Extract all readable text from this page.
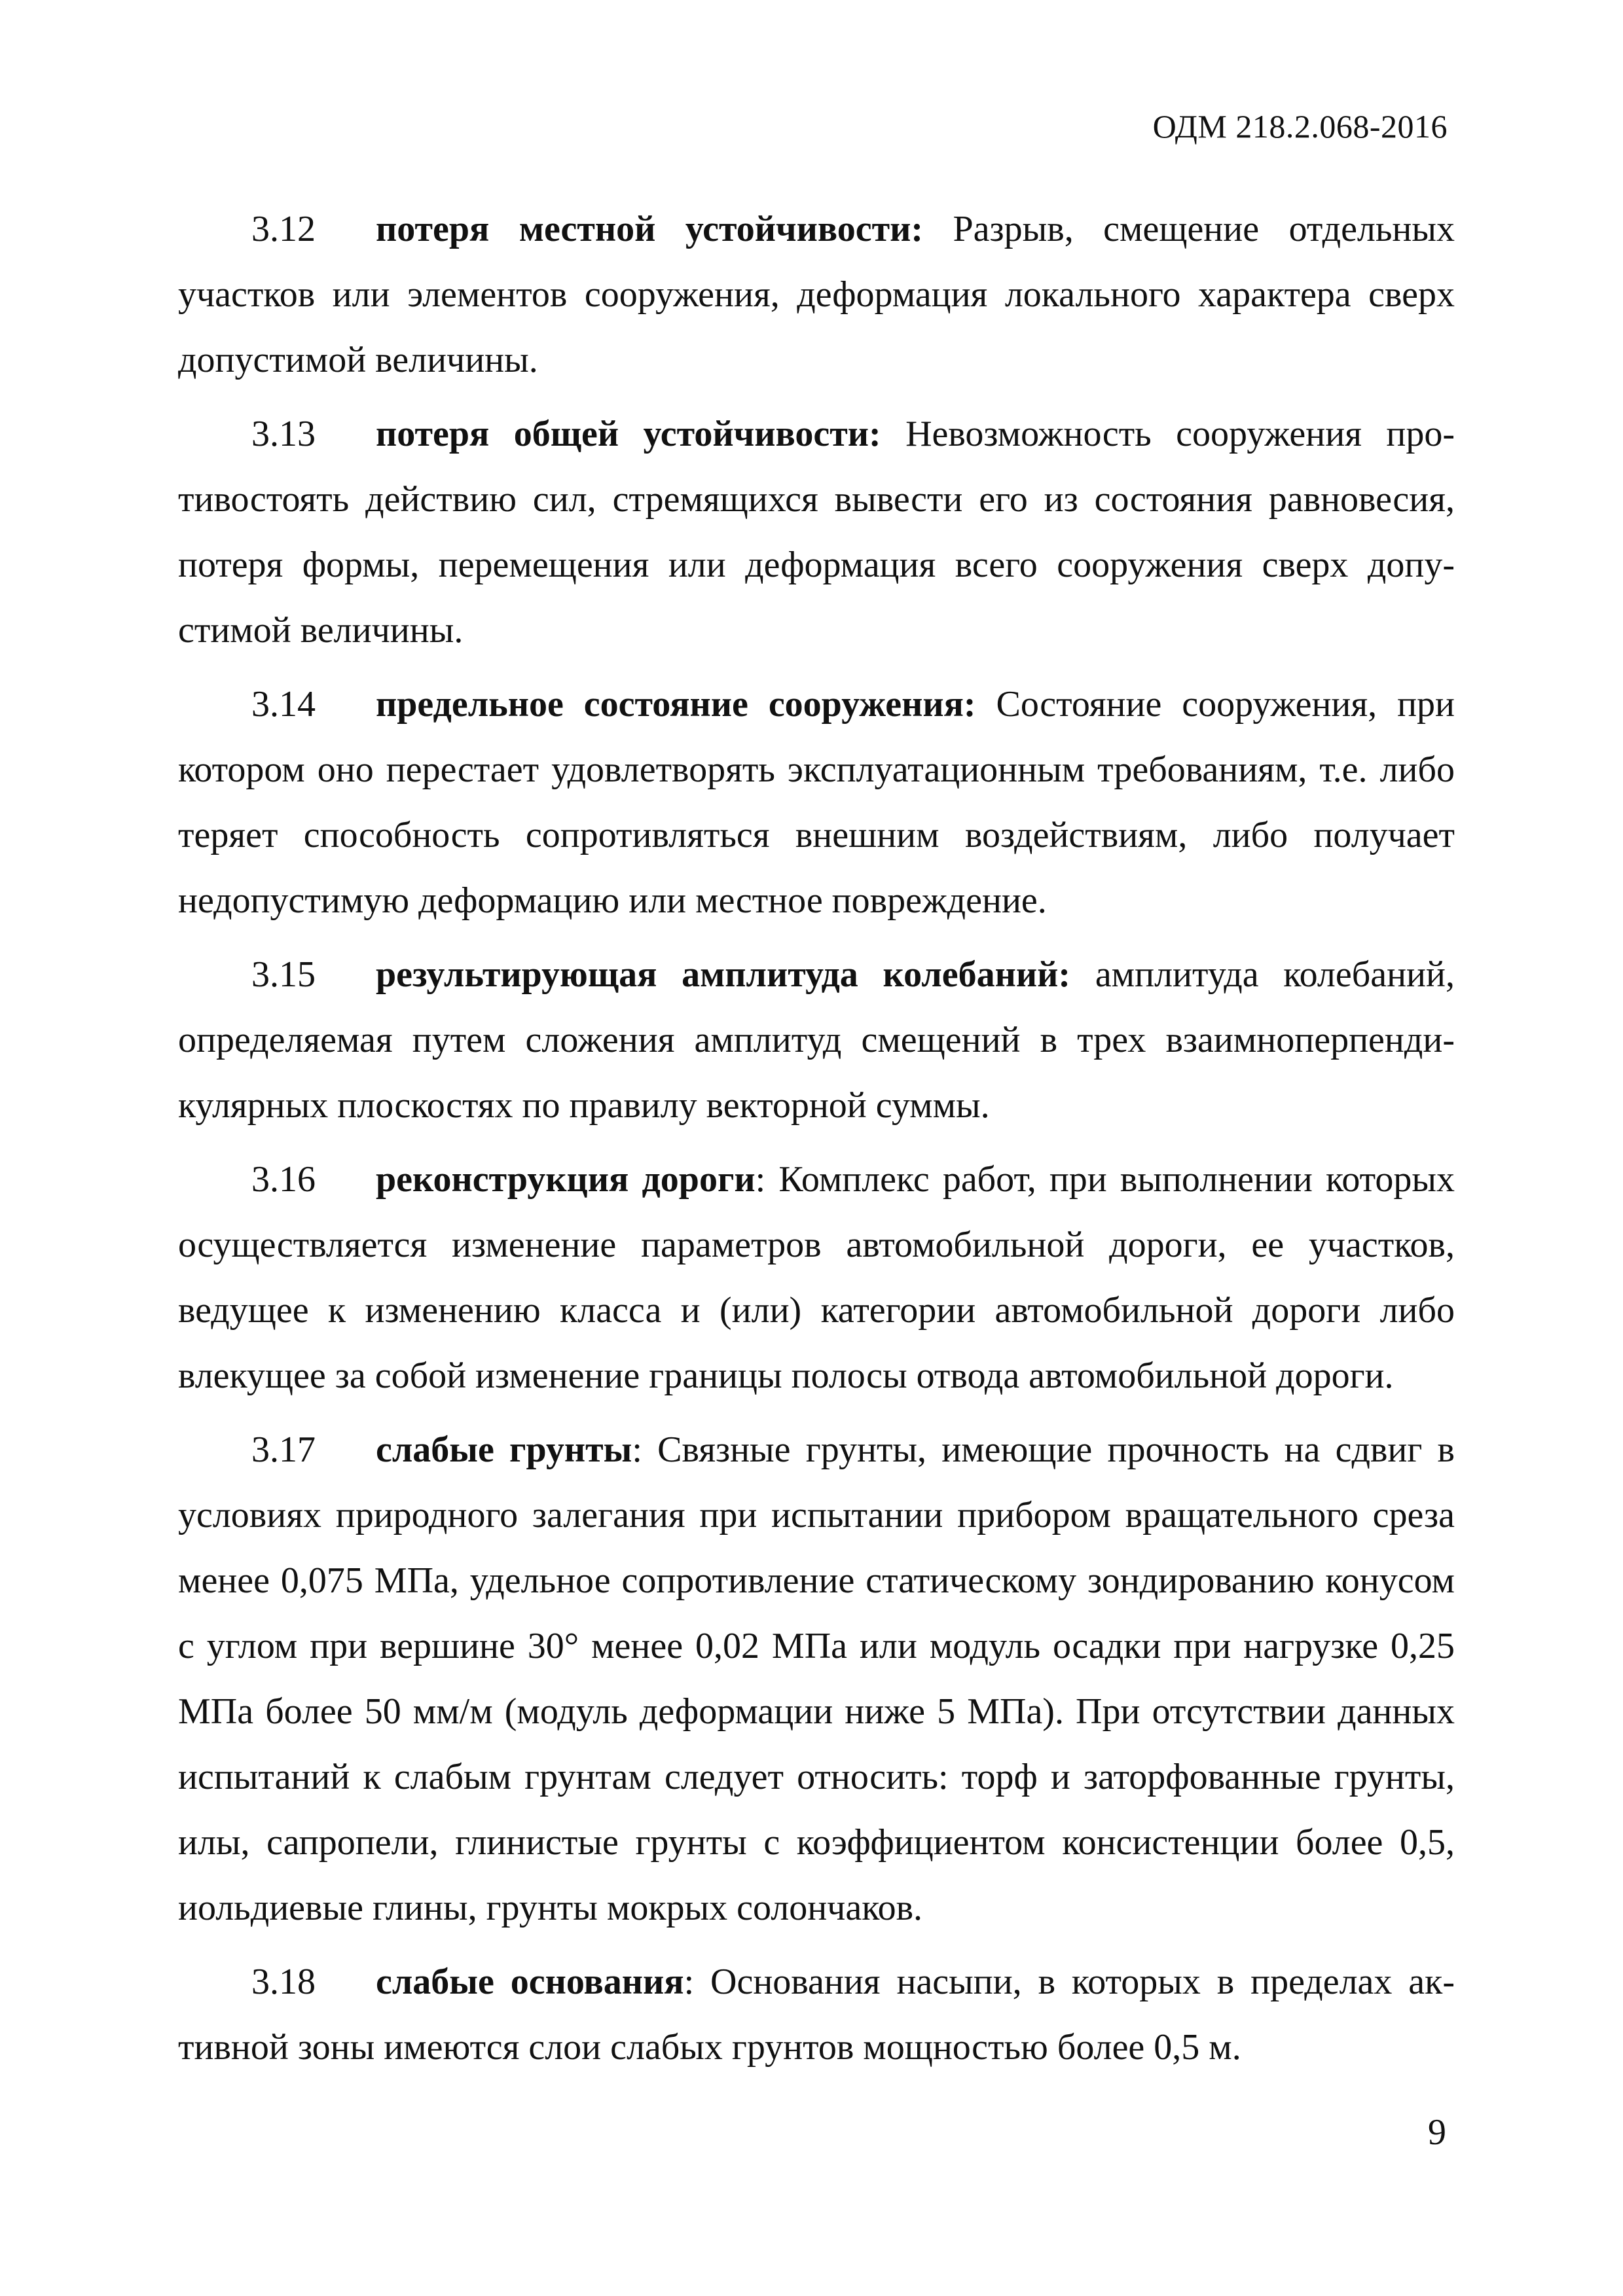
ОДМ 218.2.068-2016

3.12 потеря местной устойчивости: Разрыв, смещение отдельных участков или элементов сооружения, деформация локального характера сверх допустимой величины.

3.13 потеря общей устойчивости: Невозможность сооружения противостоять действию сил, стремящихся вывести его из состояния равновесия, потеря формы, перемещения или деформация всего сооружения сверх допустимой величины.

3.14 предельное состояние сооружения: Состояние сооружения, при котором оно перестает удовлетворять эксплуатационным требованиям, т.е. либо теряет способность сопротивляться внешним воздействиям, либо получает недопустимую деформацию или местное повреждение.

3.15 результирующая амплитуда колебаний: амплитуда колебаний, определяемая путем сложения амплитуд смещений в трех взаимноперпендикулярных плоскостях по правилу векторной суммы.

3.16 реконструкция дороги: Комплекс работ, при выполнении которых осуществляется изменение параметров автомобильной дороги, ее участков, ведущее к изменению класса и (или) категории автомобильной дороги либо влекущее за собой изменение границы полосы отвода автомобильной дороги.

3.17 слабые грунты: Связные грунты, имеющие прочность на сдвиг в условиях природного залегания при испытании прибором вращательного среза менее 0,075 МПа, удельное сопротивление статическому зондированию конусом с углом при вершине 30° менее 0,02 МПа или модуль осадки при нагрузке 0,25 МПа более 50 мм/м (модуль деформации ниже 5 МПа). При отсутствии данных испытаний к слабым грунтам следует относить: торф и заторфованные грунты, илы, сапропели, глинистые грунты с коэффициентом консистенции более 0,5, иольдиевые глины, грунты мокрых солончаков.

3.18 слабые основания: Основания насыпи, в которых в пределах активной зоны имеются слои слабых грунтов мощностью более 0,5 м.

9
